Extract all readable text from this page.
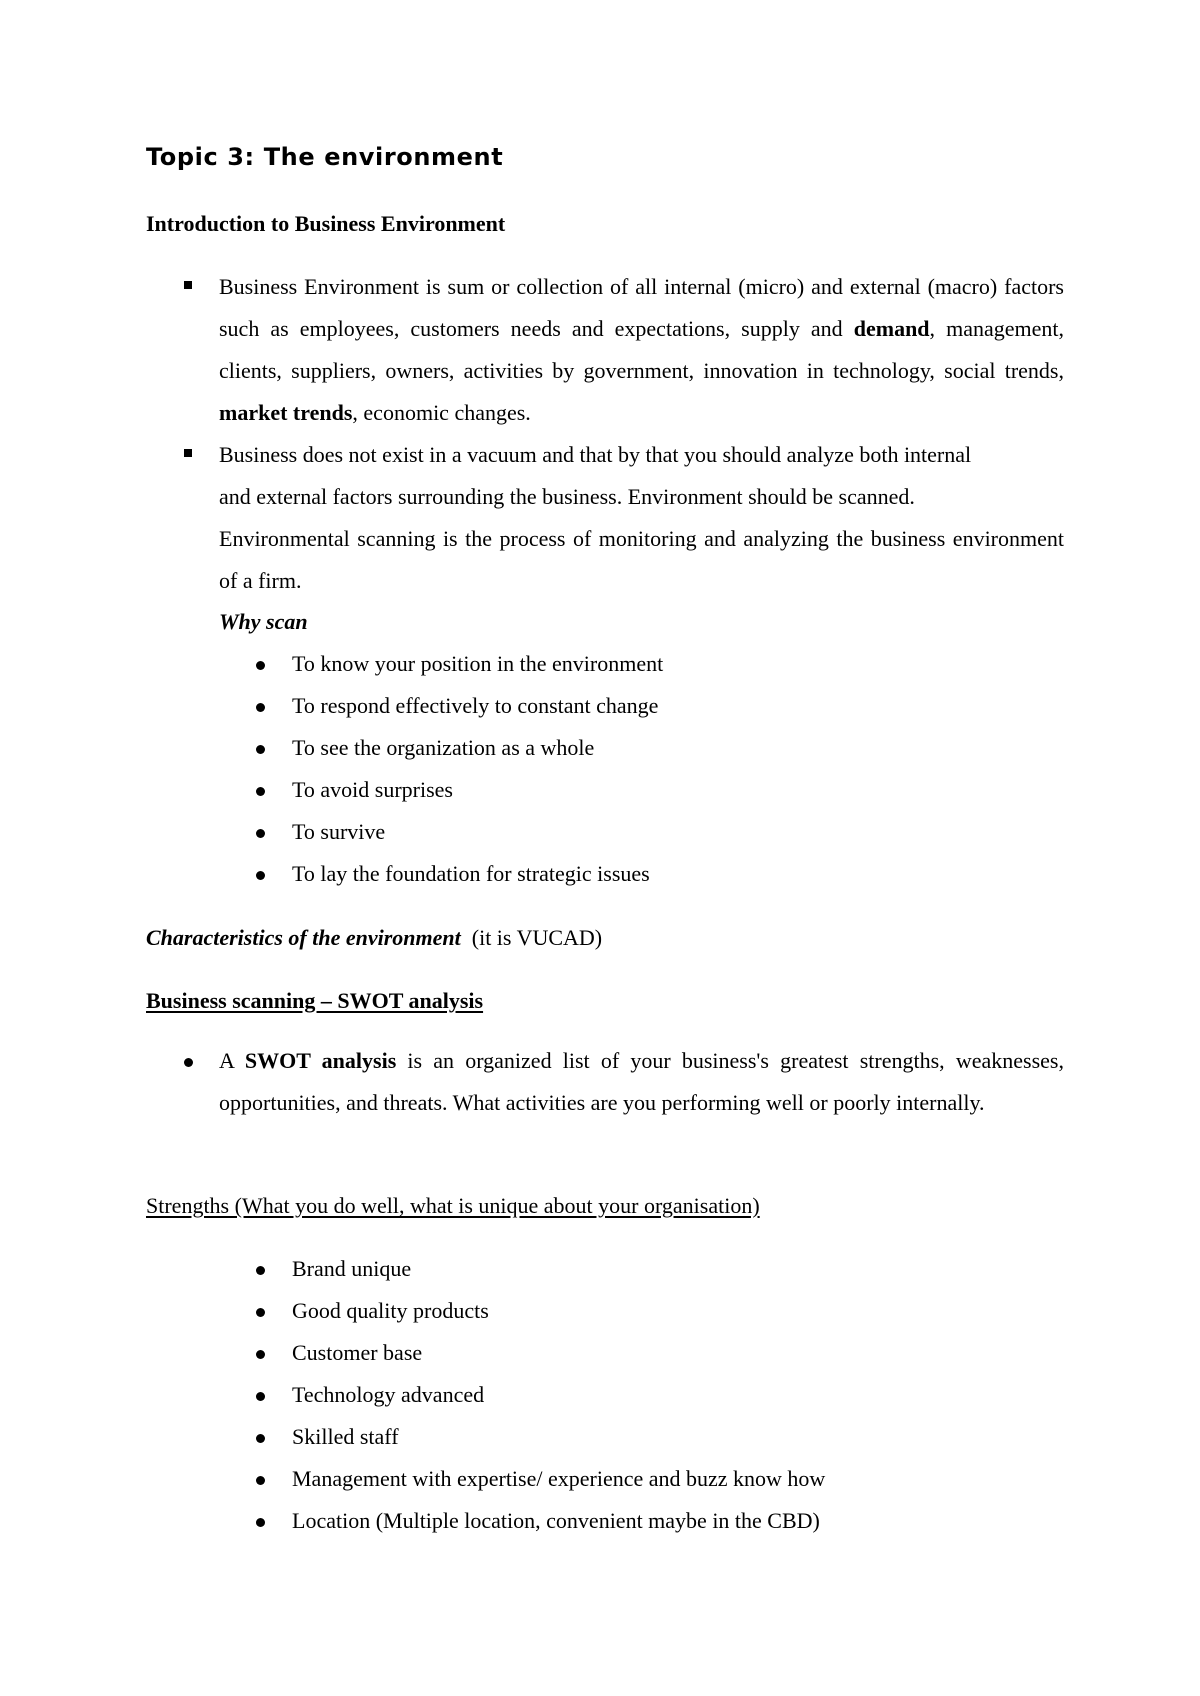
Topic 3: The environment
Introduction to Business Environment

Business Environment is sum or collection of all internal (micro) and external (macro) factors such as employees, customers needs and expectations, supply and demand, management, clients, suppliers, owners, activities by government, innovation in technology, social trends, market trends, economic changes.

Business does not exist in a vacuum and that by that you should analyze both internal
and external factors surrounding the business. Environment should be scanned.

Environmental scanning is the process of monitoring and analyzing the business environment of a firm.

Why scan
To know your position in the environment
To respond effectively to constant change
To see the organization as a whole
To avoid surprises
To survive
To lay the foundation for strategic issues
Characteristics of the environment (it is VUCAD)
Business scanning – SWOT analysis

A SWOT analysis is an organized list of your business's greatest strengths, weaknesses, opportunities, and threats. What activities are you performing well or poorly internally.

Strengths (What you do well, what is unique about your organisation)
Brand unique
Good quality products
Customer base
Technology advanced
Skilled staff
Management with expertise/ experience and buzz know how
Location (Multiple location, convenient maybe in the CBD)
